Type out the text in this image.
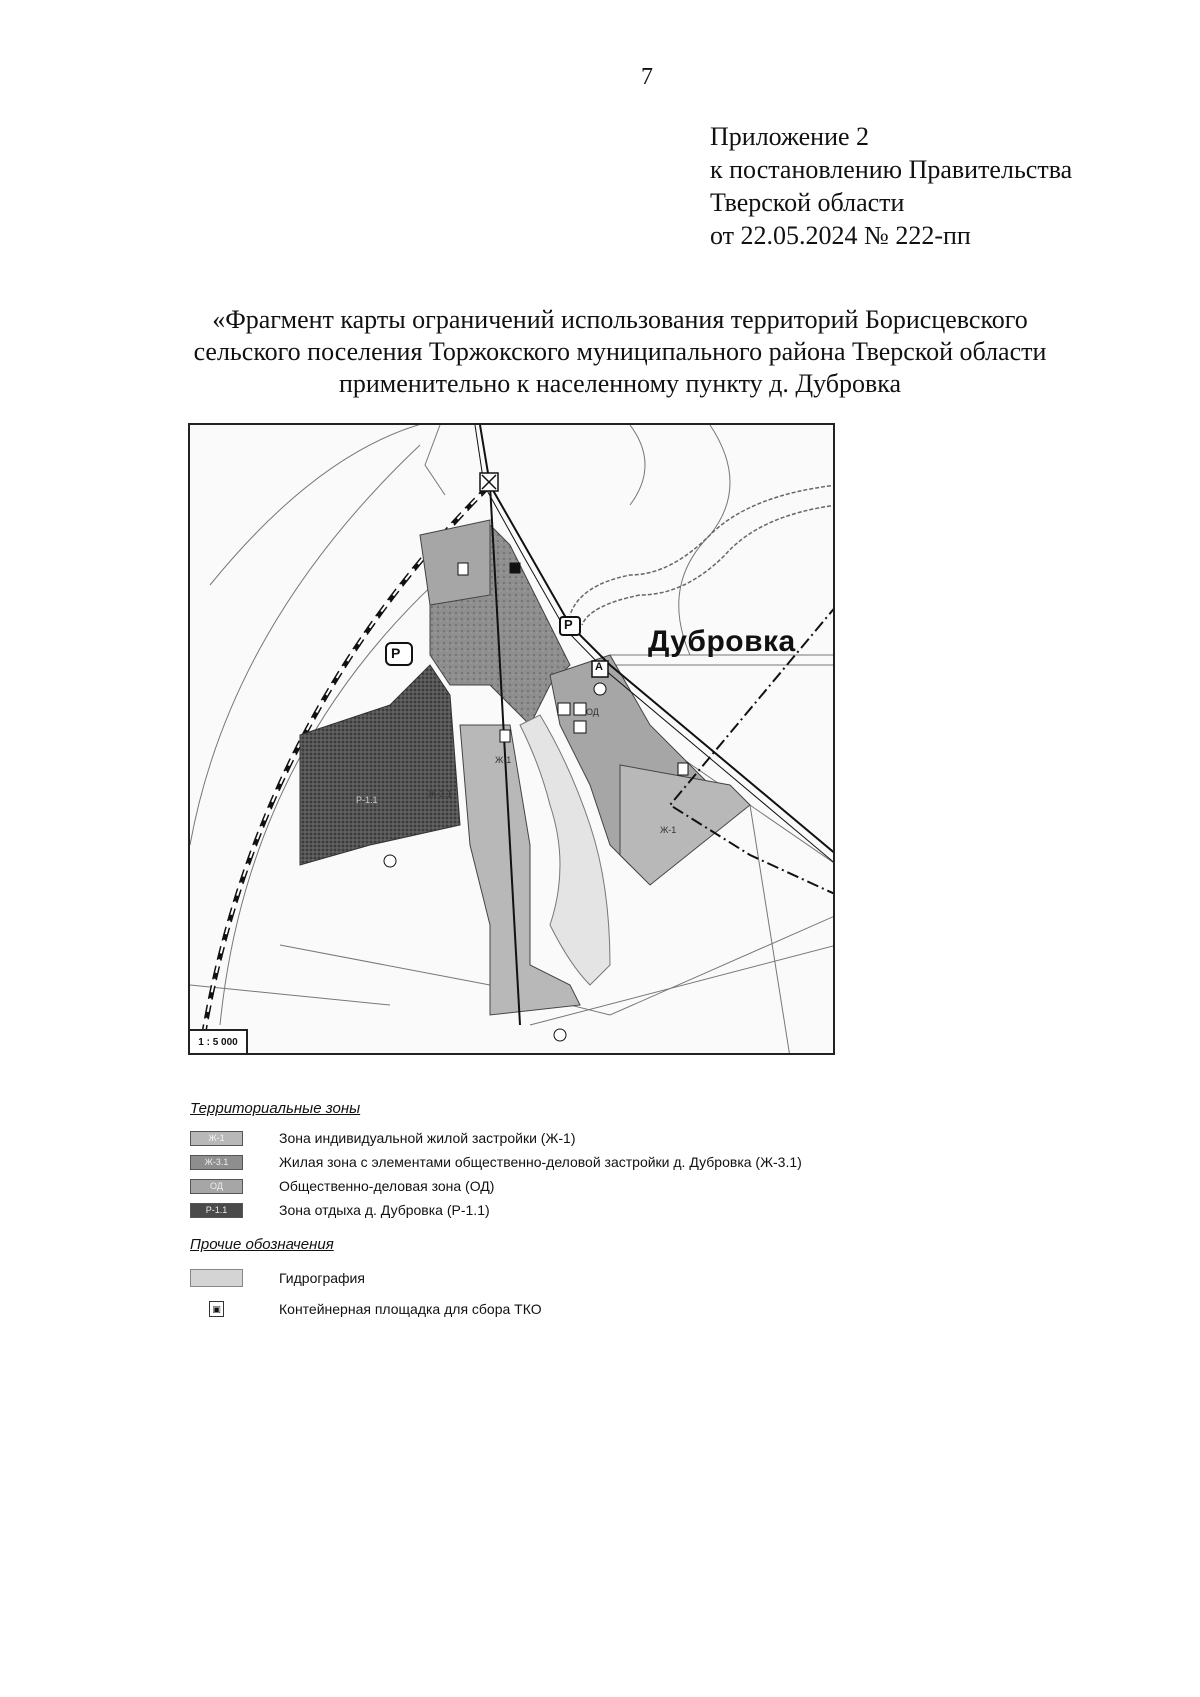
7
Приложение 2
к постановлению Правительства
Тверской области
от 22.05.2024 № 222-пп
«Фрагмент карты ограничений использования территорий Борисцевского
сельского поселения Торжокского муниципального района Тверской области
применительно к населенному пункту д. Дубровка
Дубровка
P
P
A
ОД
Ж-1
Ж-1
Ж-3.1
Р-1.1
1 : 5 000
Территориальные зоны
Ж-1	Зона индивидуальной жилой застройки (Ж-1)
Ж-3.1	Жилая зона с элементами общественно-деловой застройки д. Дубровка (Ж-3.1)
ОД	Общественно-деловая зона (ОД)
Р-1.1	Зона отдыха д. Дубровка (Р-1.1)
Прочие обозначения
Гидрография
▣	Контейнерная площадка для сбора ТКО
